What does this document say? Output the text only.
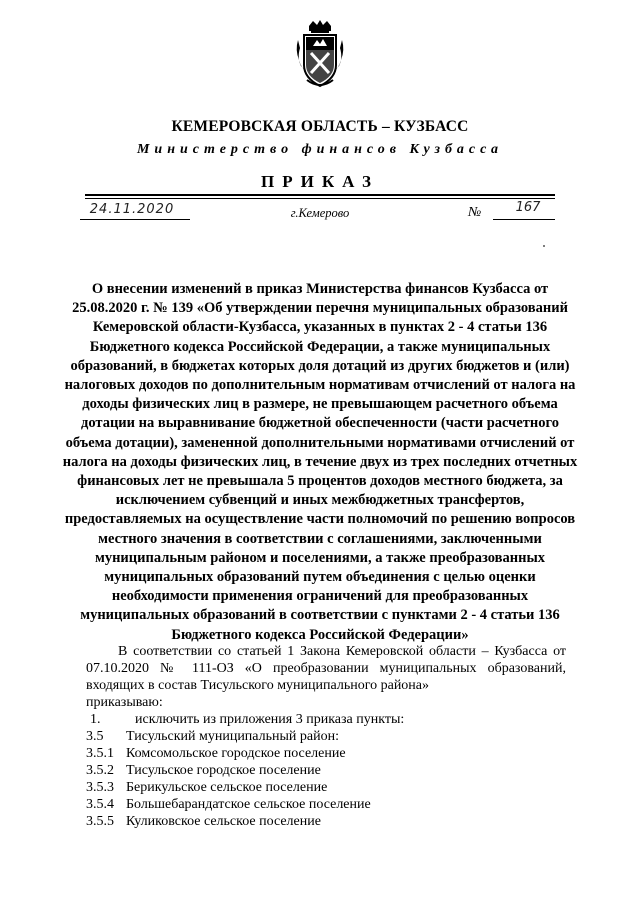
КЕМЕРОВСКАЯ ОБЛАСТЬ – КУЗБАСС
Министерство финансов Кузбасса
ПРИКАЗ
24.11.2020	г.Кемерово	№	167
О внесении изменений в приказ Министерства финансов Кузбасса от 25.08.2020 г. № 139 «Об утверждении перечня муниципальных образований Кемеровской области-Кузбасса, указанных в пунктах 2 - 4 статьи 136 Бюджетного кодекса Российской Федерации, а также муниципальных образований, в бюджетах которых доля дотаций из других бюджетов и (или) налоговых доходов по дополнительным нормативам отчислений от налога на доходы физических лиц в размере, не превышающем расчетного объема дотации на выравнивание бюджетной обеспеченности (части расчетного объема дотации), замененной дополнительными нормативами отчислений от налога на доходы физических лиц, в течение двух из трех последних отчетных финансовых лет не превышала 5 процентов доходов местного бюджета, за исключением субвенций и иных межбюджетных трансфертов, предоставляемых на осуществление части полномочий по решению вопросов местного значения в соответствии с соглашениями, заключенными муниципальным районом и поселениями, а также преобразованных муниципальных образований путем объединения с целью оценки необходимости применения ограничений для преобразованных муниципальных образований в соответствии с пунктами 2 - 4 статьи 136 Бюджетного кодекса Российской Федерации»

В соответствии со статьей 1 Закона Кемеровской области – Кузбасса от 07.10.2020 № 111-ОЗ «О преобразовании муниципальных образований, входящих в состав Тисульского муниципального района»

приказываю:

1.	исключить из приложения 3 приказа пункты:
3.5	Тисульский муниципальный район:
3.5.1 Комсомольское городское поселение
3.5.2 Тисульское городское поселение
3.5.3 Берикульское сельское поселение
3.5.4 Большебарандатское сельское поселение
3.5.5 Куликовское сельское поселение
